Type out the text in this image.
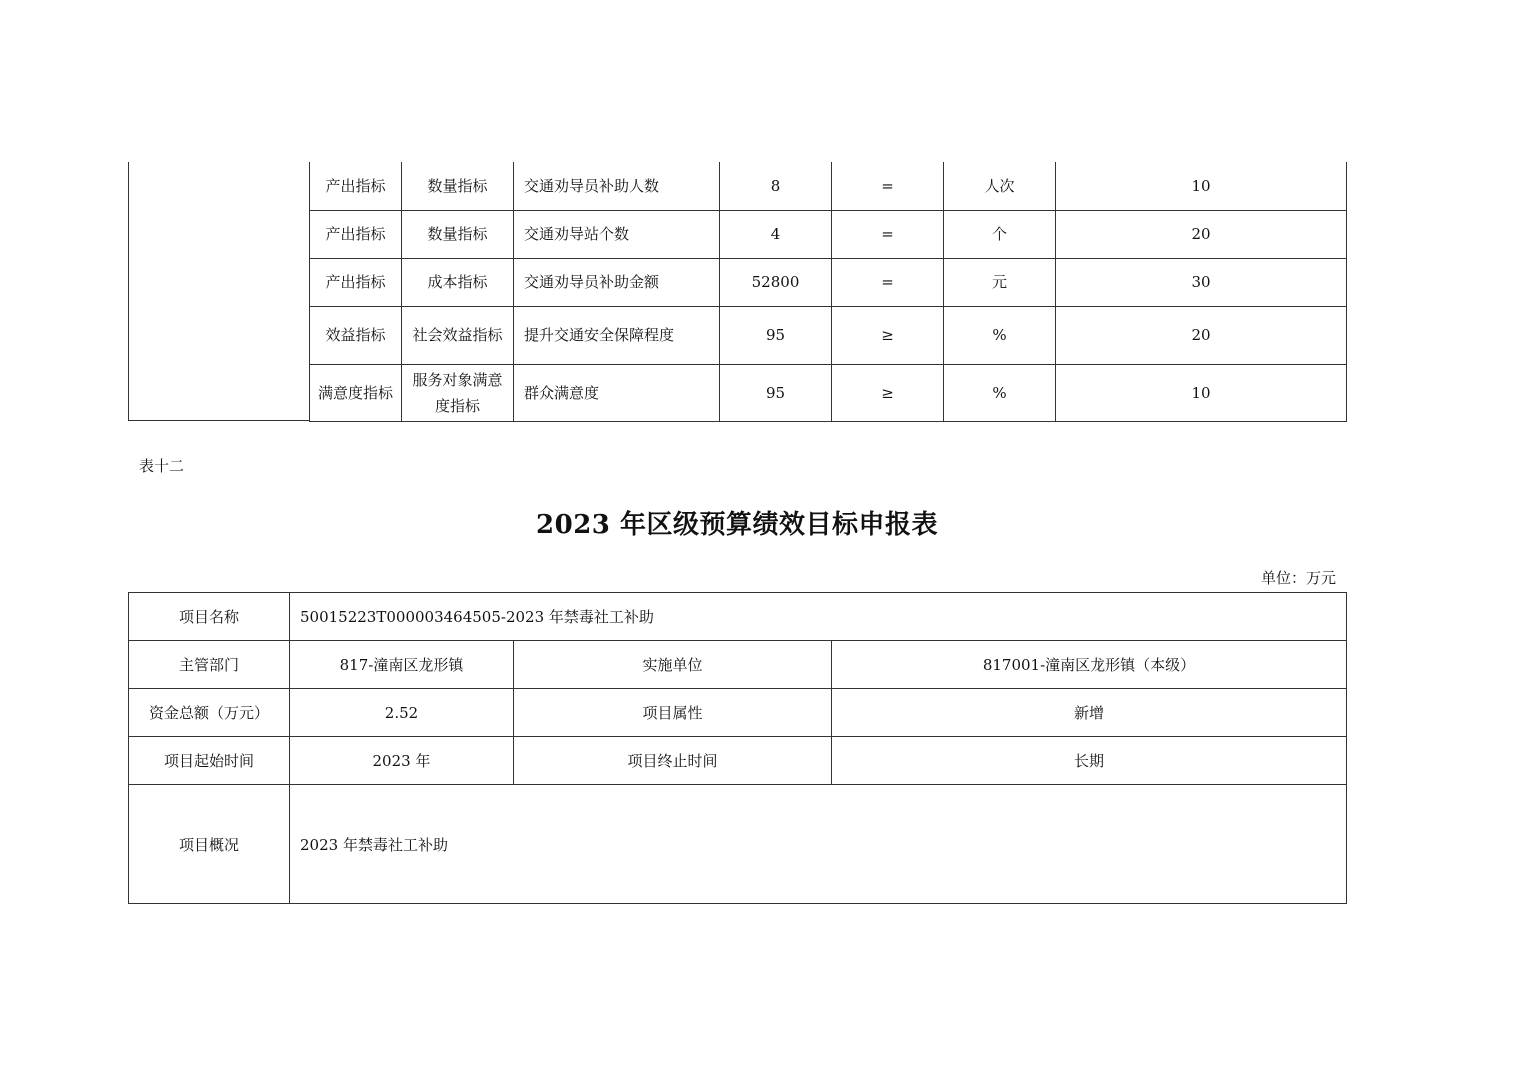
产出指标	数量指标	交通劝导员补助人数	8	=	人次	10
产出指标	数量指标	交通劝导站个数	4	=	个	20
产出指标	成本指标	交通劝导员补助金额	52800	=	元	30
效益指标	社会效益指标	提升交通安全保障程度	95	≥	%	20
满意度指标	服务对象满意度指标	群众满意度	95	≥	%	10
表十二
2023 年区级预算绩效目标申报表
单位：万元
项目名称	50015223T000003464505-2023 年禁毒社工补助		
主管部门	817-潼南区龙形镇	实施单位	817001-潼南区龙形镇（本级）
资金总额（万元）	2.52	项目属性	新增
项目起始时间	2023 年	项目终止时间	长期
项目概况	2023 年禁毒社工补助		
